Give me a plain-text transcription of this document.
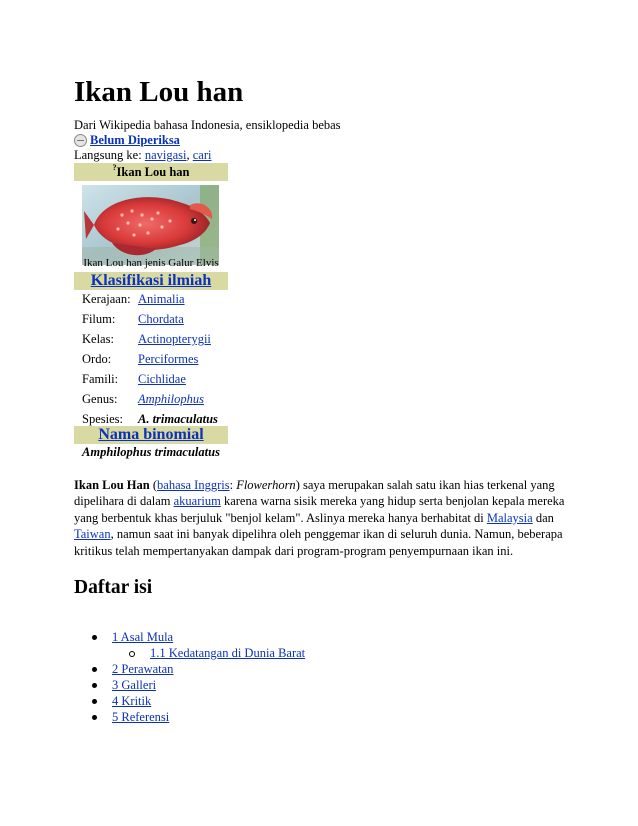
Ikan Lou han
Dari Wikipedia bahasa Indonesia, ensiklopedia bebas
Belum Diperiksa
Langsung ke: navigasi, cari
?Ikan Lou han
Ikan Lou han jenis Galur Elvis
Klasifikasi ilmiah
Kerajaan:	Animalia
Filum:	Chordata
Kelas:	Actinopterygii
Ordo:	Perciformes
Famili:	Cichlidae
Genus:	Amphilophus
Spesies:	A. trimaculatus
Nama binomial
Amphilophus trimaculatus

Ikan Lou Han (bahasa Inggris: Flowerhorn) saya merupakan salah satu ikan hias terkenal yang dipelihara di dalam akuarium karena warna sisik mereka yang hidup serta benjolan kepala mereka yang berbentuk khas berjuluk "benjol kelam". Aslinya mereka hanya berhabitat di Malaysia dan Taiwan, namun saat ini banyak dipelihra oleh penggemar ikan di seluruh dunia. Namun, beberapa kritikus telah mempertanyakan dampak dari program-program penyempurnaan ikan ini.

Daftar isi
1 Asal Mula
1.1 Kedatangan di Dunia Barat
2 Perawatan
3 Galleri
4 Kritik
5 Referensi
